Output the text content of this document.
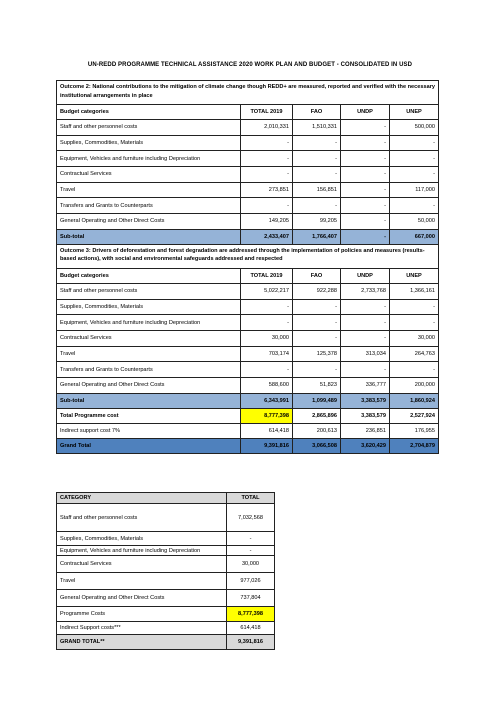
UN-REDD PROGRAMME TECHNICAL ASSISTANCE 2020 WORK PLAN AND BUDGET - CONSOLIDATED IN USD
Outcome 2: National contributions to the mitigation of climate change though REDD+ are measured, reported and verified with the necessary institutional arrangements in place				
Budget categories	TOTAL 2019	FAO	UNDP	UNEP
Staff and other personnel costs	2,010,331	1,510,331	-	500,000
Supplies, Commodities, Materials	-	-	-	-
Equipment, Vehicles and furniture including Depreciation	-	-	-	-
Contractual Services	-	-	-	-
Travel	273,851	156,851	-	117,000
Transfers and Grants to Counterparts	-	-	-	-
General Operating and Other Direct Costs	149,205	99,205	-	50,000
Sub-total	2,433,407	1,766,407	-	667,000
Outcome 3: Drivers of deforestation and forest degradation are addressed through the implementation of policies and measures (results-based actions), with social and environmental safeguards addressed and respected				
Budget categories	TOTAL 2019	FAO	UNDP	UNEP
Staff and other personnel costs	5,022,217	922,288	2,733,768	1,366,161
Supplies, Commodities, Materials	-	-	-	-
Equipment, Vehicles and furniture including Depreciation	-	-	-	-
Contractual Services	30,000	-	-	30,000
Travel	703,174	125,378	313,034	264,763
Transfers and Grants to Counterparts	-	-	-	-
General Operating and Other Direct Costs	588,600	51,823	336,777	200,000
Sub-total	6,343,991	1,099,489	3,383,579	1,860,924
Total Programme cost	8,777,398	2,865,896	3,383,579	2,527,924
Indirect support cost 7%	614,418	200,613	236,851	176,955
Grand Total	9,391,816	3,066,508	3,620,429	2,704,879
CATEGORY	TOTAL
Staff and other personnel costs	7,032,568
Supplies, Commodities, Materials	-
Equipment, Vehicles and furniture including Depreciation	-
Contractual Services	30,000
Travel	977,026
General Operating and Other Direct Costs	737,804
Programme Costs	8,777,398
Indirect Support costs***	614,418
GRAND TOTAL**	9,391,816
